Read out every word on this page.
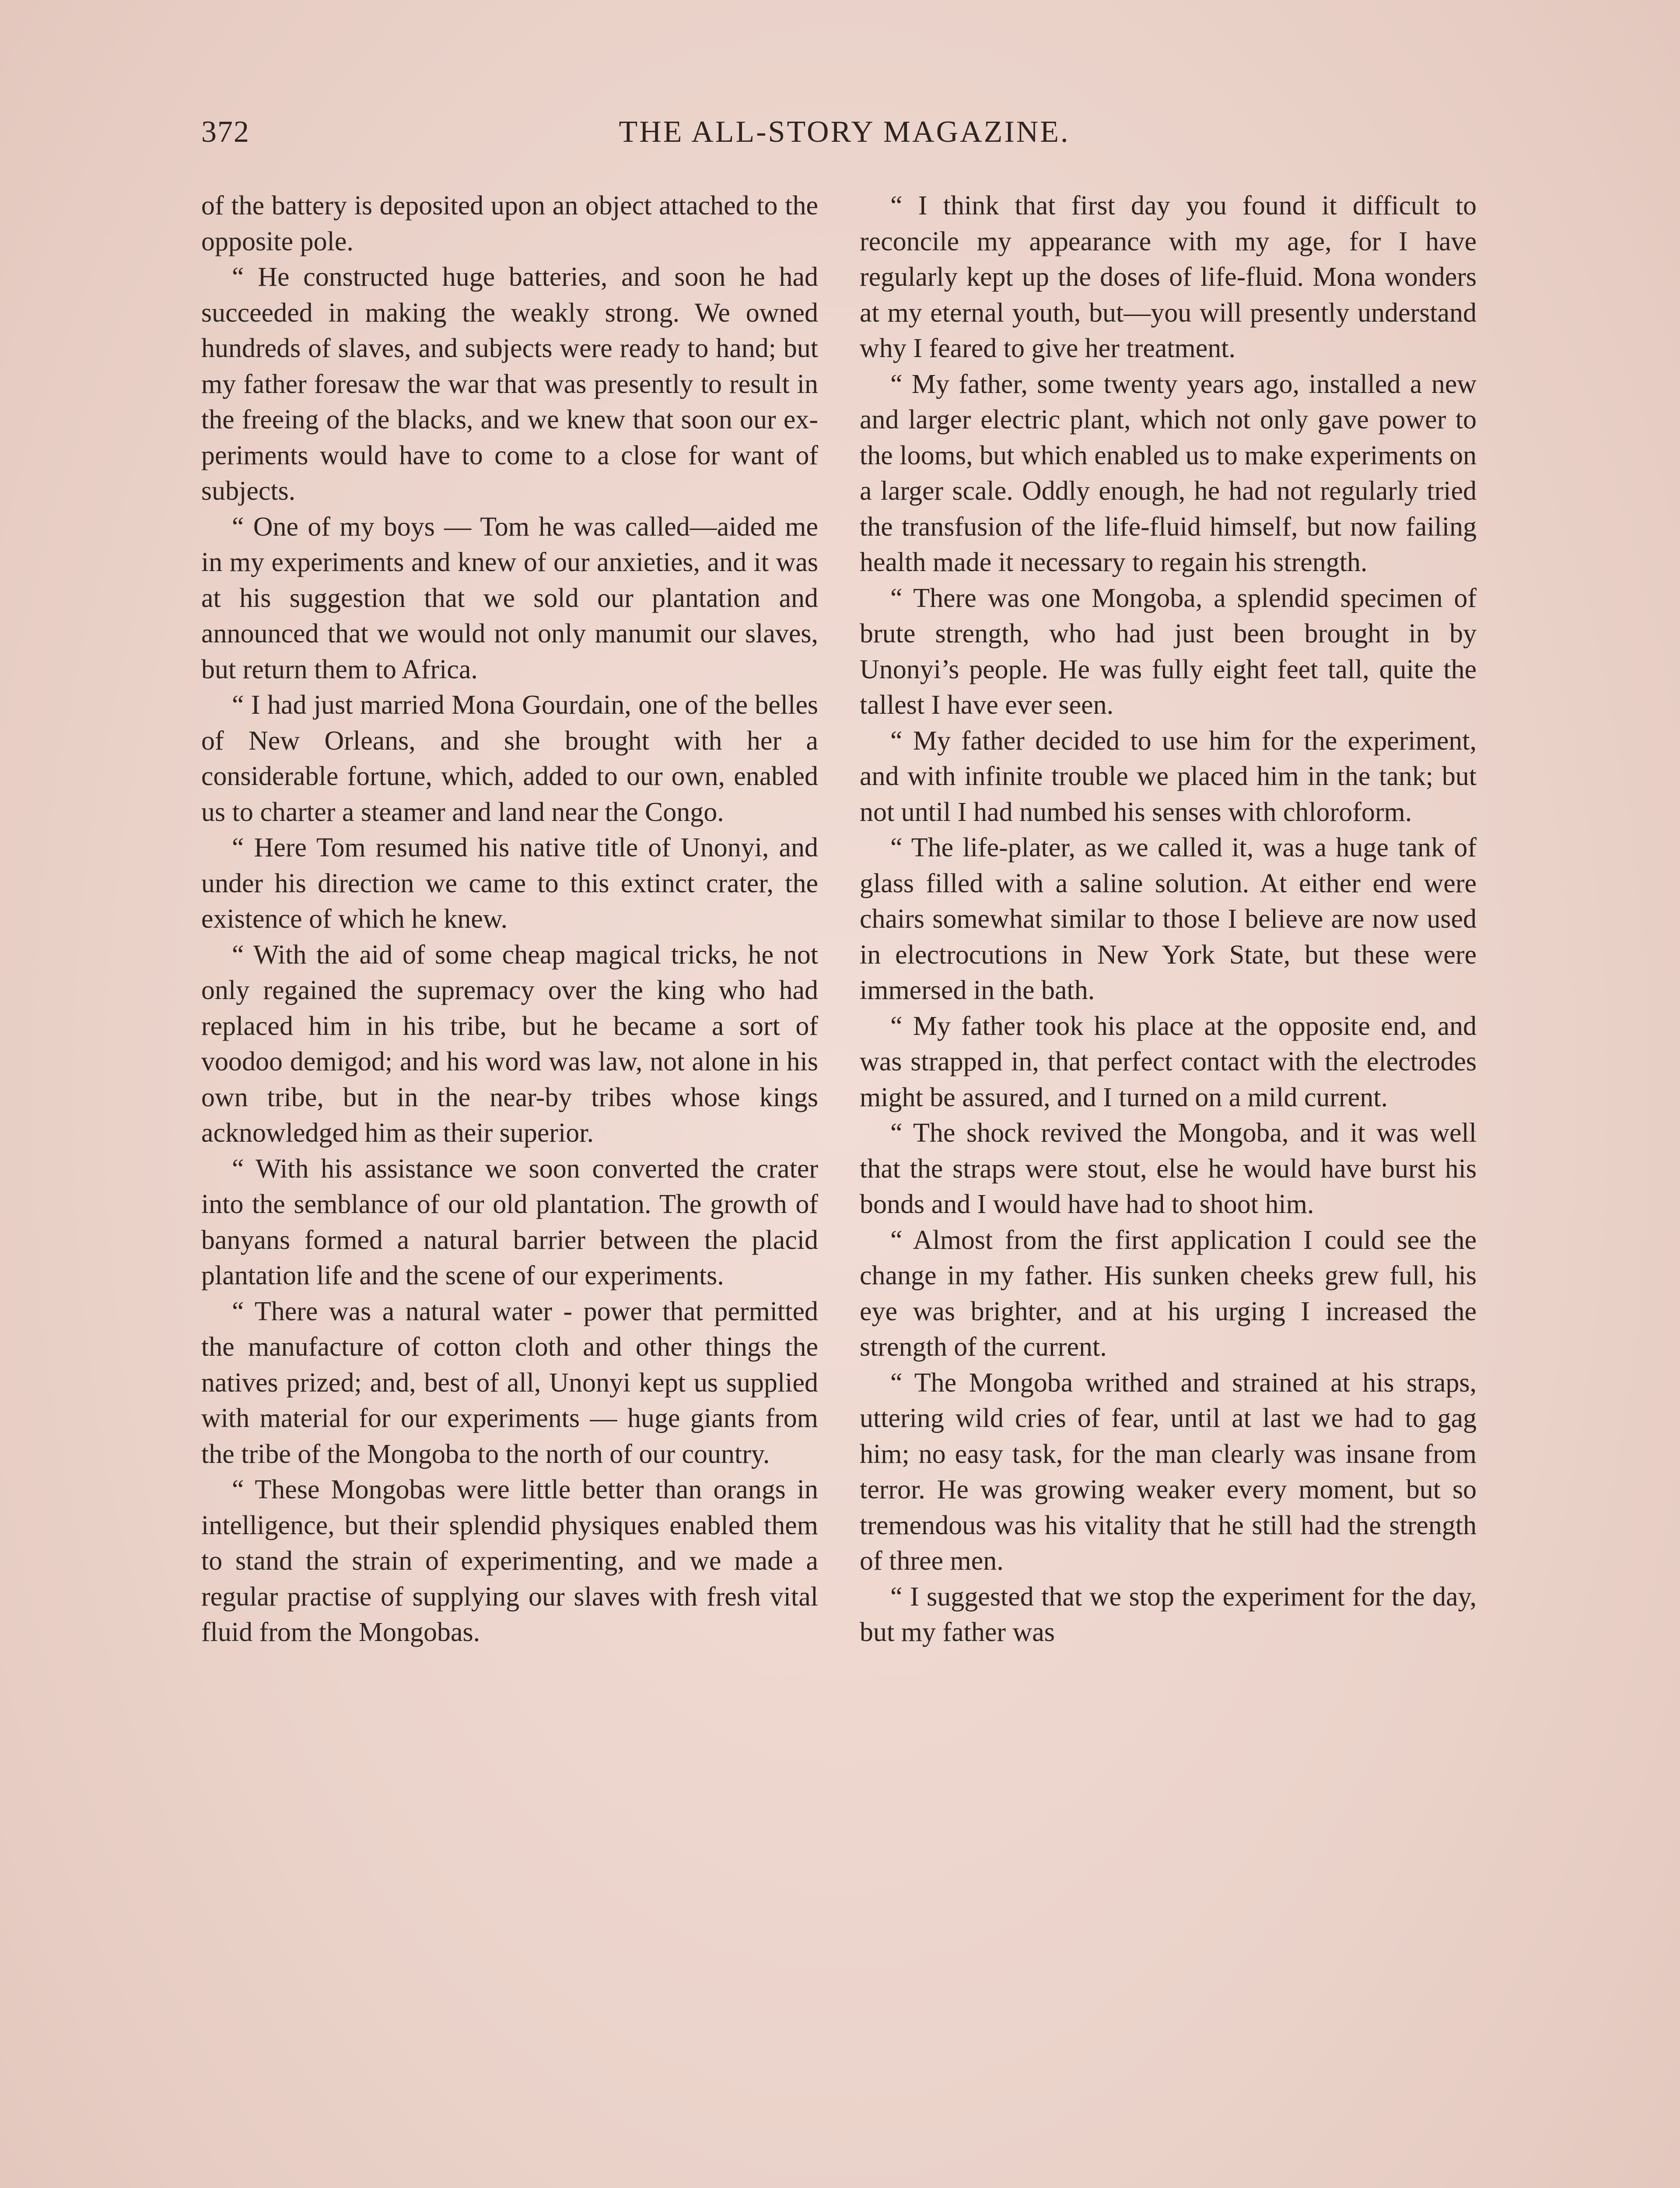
372	THE ALL-STORY MAGAZINE.

of the battery is deposited upon an object attached to the opposite pole.

“ He constructed huge batteries, and soon he had succeeded in making the weakly strong. We owned hundreds of slaves, and subjects were ready to hand; but my father foresaw the war that was presently to result in the freeing of the blacks, and we knew that soon our experiments would have to come to a close for want of subjects.

“ One of my boys — Tom he was called—aided me in my experiments and knew of our anxieties, and it was at his suggestion that we sold our plantation and announced that we would not only manumit our slaves, but return them to Africa.

“ I had just married Mona Gourdain, one of the belles of New Orleans, and she brought with her a considerable fortune, which, added to our own, enabled us to charter a steamer and land near the Congo.

“ Here Tom resumed his native title of Unonyi, and under his direction we came to this extinct crater, the existence of which he knew.

“ With the aid of some cheap magical tricks, he not only regained the supremacy over the king who had replaced him in his tribe, but he became a sort of voodoo demigod; and his word was law, not alone in his own tribe, but in the near-by tribes whose kings acknowledged him as their superior.

“ With his assistance we soon converted the crater into the semblance of our old plantation. The growth of banyans formed a natural barrier between the placid plantation life and the scene of our experiments.

“ There was a natural water - power that permitted the manufacture of cotton cloth and other things the natives prized; and, best of all, Unonyi kept us supplied with material for our experiments — huge giants from the tribe of the Mongoba to the north of our country.

“ These Mongobas were little better than orangs in intelligence, but their splendid physiques enabled them to stand the strain of experimenting, and we made a regular practise of supplying our slaves with fresh vital fluid from the Mongobas.

“ I think that first day you found it difficult to reconcile my appearance with my age, for I have regularly kept up the doses of life-fluid. Mona wonders at my eternal youth, but—you will presently understand why I feared to give her treatment.

“ My father, some twenty years ago, installed a new and larger electric plant, which not only gave power to the looms, but which enabled us to make experiments on a larger scale. Oddly enough, he had not regularly tried the transfusion of the life-fluid himself, but now failing health made it necessary to regain his strength.

“ There was one Mongoba, a splendid specimen of brute strength, who had just been brought in by Unonyi’s people. He was fully eight feet tall, quite the tallest I have ever seen.

“ My father decided to use him for the experiment, and with infinite trouble we placed him in the tank; but not until I had numbed his senses with chloroform.

“ The life-plater, as we called it, was a huge tank of glass filled with a saline solution. At either end were chairs somewhat similar to those I believe are now used in electrocutions in New York State, but these were immersed in the bath.

“ My father took his place at the opposite end, and was strapped in, that perfect contact with the electrodes might be assured, and I turned on a mild current.

“ The shock revived the Mongoba, and it was well that the straps were stout, else he would have burst his bonds and I would have had to shoot him.

“ Almost from the first application I could see the change in my father. His sunken cheeks grew full, his eye was brighter, and at his urging I increased the strength of the current.

“ The Mongoba writhed and strained at his straps, uttering wild cries of fear, until at last we had to gag him; no easy task, for the man clearly was insane from terror. He was growing weaker every moment, but so tremendous was his vitality that he still had the strength of three men.

“ I suggested that we stop the experiment for the day, but my father was
